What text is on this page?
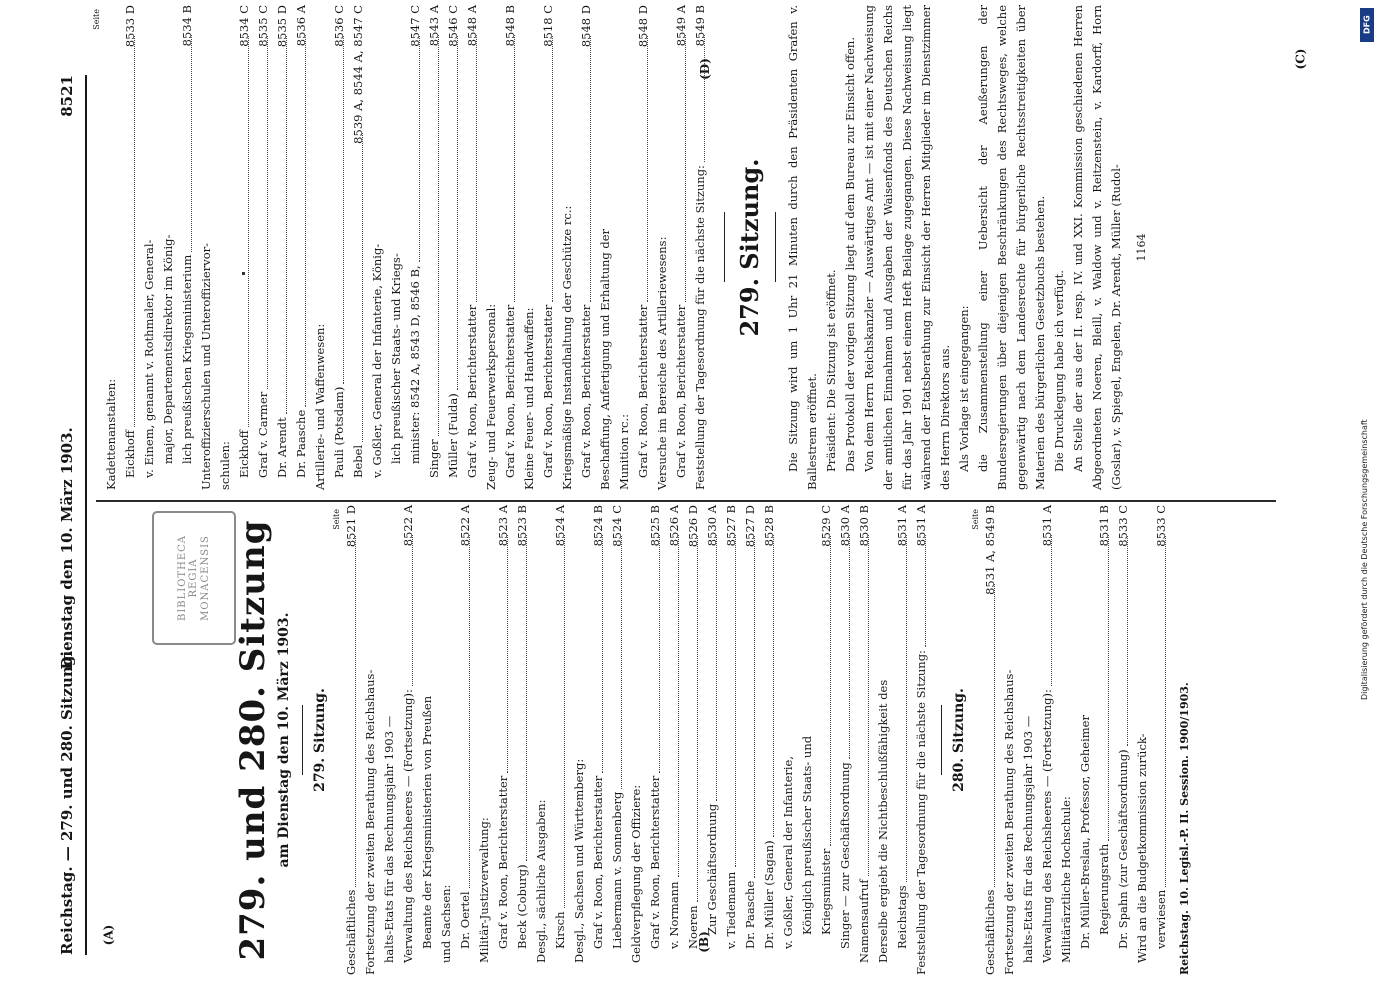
Reichstag. — 279. und 280. Sitzung.
Dienstag den 10. März 1903.  8521
BIBLIOTHECA REGIA MONACENSIS 279. und 280. Sitzung am Dienstag den 10. März 1903. 279. Sitzung.
Seite
Geschäftliches
8521 D
Fortsetzung der zweiten Berathung des Reichshaus- halts-Etats für das Rechnungsjahr 1903 — Verwaltung des Reichsheeres — (Fortsetzung):
8522 A
Beamte der Kriegsministerien von Preußen und Sachsen: Dr. Oertel
8522 A
Militär-Justizverwaltung: Graf v. Roon, Berichterstatter
8523 A
Beck (Coburg)
8523 B
Desgl., sächliche Ausgaben: Kirsch
8524 A
Desgl., Sachsen und Württemberg: Graf v. Roon, Berichterstatter
8524 B
Liebermann v. Sonnenberg
8524 C
Geldverpflegung der Offiziere: Graf v. Roon, Berichterstatter
8525 B
v. Normann
8526 A
Noeren
8526 D
Zur Geschäftsordnung
8530 A
v. Tiedemann
8527 B
Dr. Paasche
8527 D
Dr. Müller (Sagan)
8528 B
v. Goßler, General der Infanterie, Königlich preußischer Staats- und Kriegsminister
8529 C
Singer — zur Geschäftsordnung
8530 A
Namensaufruf
8530 B
Derselbe ergiebt die Nichtbeschlußfähigkeit des Reichstags
8531 A
Feststellung der Tagesordnung für die nächste Sitzung:
8531 A
280. Sitzung.
Seite
Geschäftliches
8531 A, 8549 B
Fortsetzung der zweiten Berathung des Reichshaus- halts-Etats für das Rechnungsjahr 1903 — Verwaltung des Reichsheeres — (Fortsetzung):
8531 A
Militärärztliche Hochschule: Dr. Müller-Breslau, Professor, Geheimer Regierungsrath
8531 B
Dr. Spahn (zur Geschäftsordnung)
8533 C
Wird an die Budgetkommission zurück- verwiesen
8533 C
Reichstag. 10. Legisl.-P. II. Session. 1900/1903.
Seite
Kadettenanstalten: Eickhoff
8533 D
v. Einem, genannt v. Rothmaler, General- major, Departementsdirektor im König- lich preußischen Kriegsministerium
8534 B
Unteroffizierschulen und Unteroffiziervor- schulen: Eickhoff
8534 C
Graf v. Carmer
8535 C
Dr. Arendt
8535 D
Dr. Paasche
8536 A
Artillerie- und Waffenwesen: Pauli (Potsdam)
8536 C
Bebel
8539 A, 8544 A, 8547 C
v. Goßler, General der Infanterie, König- lich preußischer Staats- und Kriegs- minister: 8542 A, 8543 D, 8546 B,
8547 C
Singer
8543 A
Müller (Fulda)
8546 C
Graf v. Roon, Berichterstatter
8548 A
Zeug- und Feuerwerkspersonal: Graf v. Roon, Berichterstatter
8548 B
Kleine Feuer- und Handwaffen: Graf v. Roon, Berichterstatter
8518 C
Kriegsmäßige Instandhaltung der Geschütze rc.: Graf v. Roon, Berichterstatter
8548 D
Beschaffung, Anfertigung und Erhaltung der Munition rc.: Graf v. Roon, Berichterstatter
8548 D
Versuche im Bereiche des Artilleriewesens: Graf v. Roon, Berichterstatter
8549 A
Feststellung der Tagesordnung für die nächste Sitzung:
8549 B
279. Sitzung. Die Sitzung wird um 1 Uhr 21 Minuten durch den Präsidenten Grafen v. Ballestrem eröffnet. Präsident: Die Sitzung ist eröffnet. Das Protokoll der vorigen Sitzung liegt auf dem Bureau zur Einsicht offen. Von dem Herrn Reichskanzler — Auswärtiges Amt — ist mit einer Nachweisung der amtlichen Einnahmen und Ausgaben der Waisenfonds des Deutschen Reichs für das Jahr 1901 nebst einem Heft Beilage zugegangen. Diese Nachweisung liegt während der Etatsberathung zur Einsicht der Herren Mitglieder im Dienstzimmer des Herrn Direktors aus. Als Vorlage ist eingegangen: die Zusammenstellung einer Uebersicht der Aeußerungen der Bundesregierungen über diejenigen Beschränkungen des Rechtsweges, welche gegenwärtig nach dem Landesrechte für bürgerliche Rechtsstreitigkeiten über Materien des bürgerlichen Gesetzbuchs bestehen. Die Drucklegung habe ich verfügt. An Stelle der aus der II. resp. IV. und XXI. Kommission geschiedenen Herren Abgeordneten Noeren, Bleill, v. Waldow und v. Reitzenstein, v. Kardorff, Horn (Goslar), v. Spiegel, Engelen, Dr. Arendt, Müller (Rudol- 1164
(A)	(B)
(C)
(D)
DFG
Digitalisierung gefördert durch die Deutsche Forschungsgemeinschaft
